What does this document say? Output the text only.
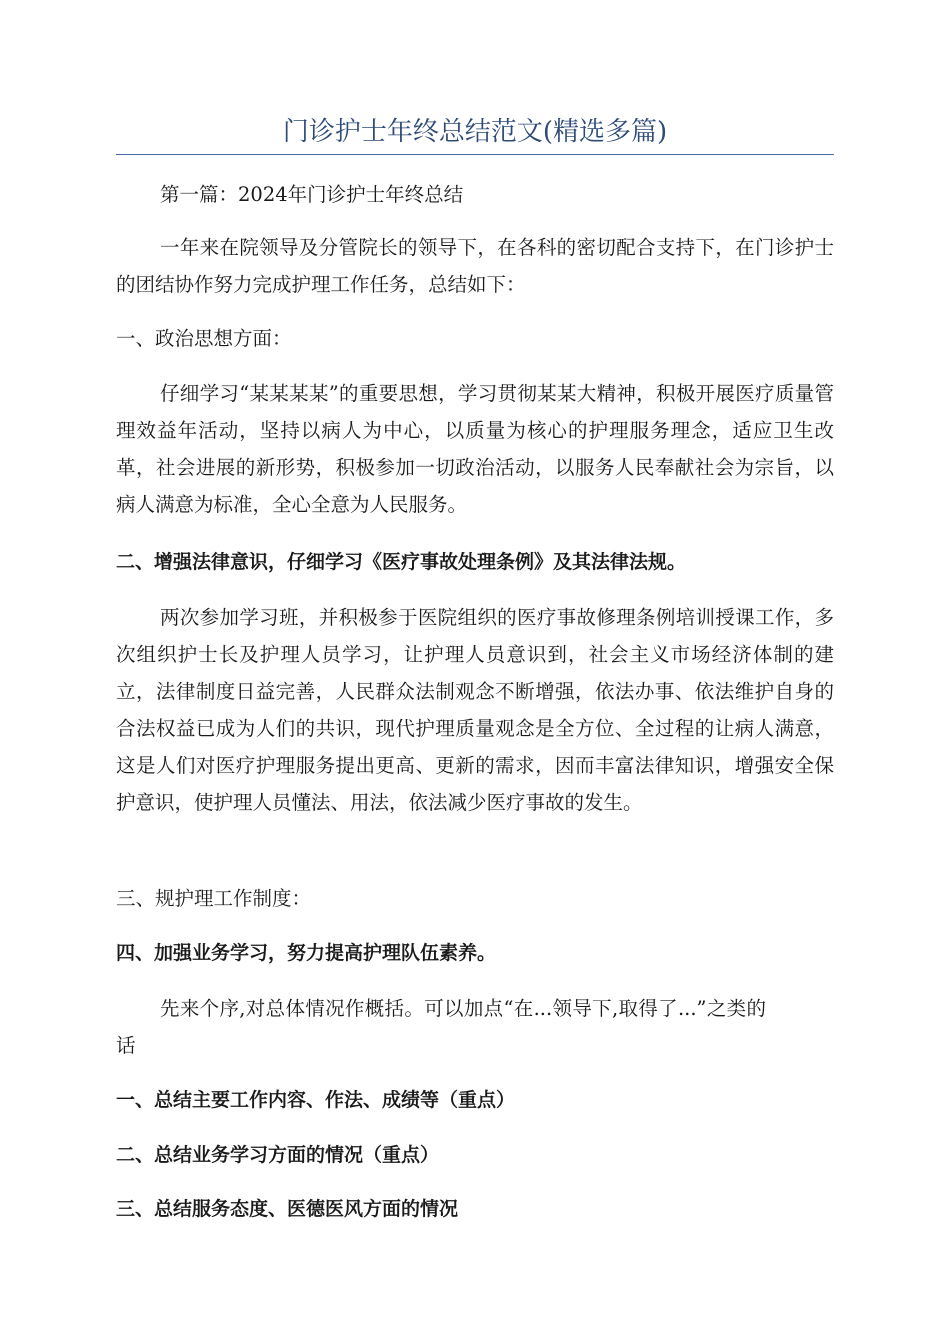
门诊护士年终总结范文(精选多篇)

第一篇：2024年门诊护士年终总结

一年来在院领导及分管院长的领导下，在各科的密切配合支持下，在门诊护士的团结协作努力完成护理工作任务，总结如下：

一、政治思想方面：

仔细学习“某某某某”的重要思想，学习贯彻某某大精神，积极开展医疗质量管理效益年活动，坚持以病人为中心，以质量为核心的护理服务理念，适应卫生改革，社会进展的新形势，积极参加一切政治活动，以服务人民奉献社会为宗旨，以病人满意为标准，全心全意为人民服务。

二、增强法律意识，仔细学习《医疗事故处理条例》及其法律法规。

两次参加学习班，并积极参于医院组织的医疗事故修理条例培训授课工作，多次组织护士长及护理人员学习，让护理人员意识到，社会主义市场经济体制的建立，法律制度日益完善，人民群众法制观念不断增强，依法办事、依法维护自身的合法权益已成为人们的共识，现代护理质量观念是全方位、全过程的让病人满意，这是人们对医疗护理服务提出更高、更新的需求，因而丰富法律知识，增强安全保护意识，使护理人员懂法、用法，依法减少医疗事故的发生。

三、规护理工作制度：

四、加强业务学习，努力提高护理队伍素养。

先来个序,对总体情况作概括。可以加点“在...领导下,取得了...”之类的话

一、总结主要工作内容、作法、成绩等（重点）

二、总结业务学习方面的情况（重点）

三、总结服务态度、医德医风方面的情况
